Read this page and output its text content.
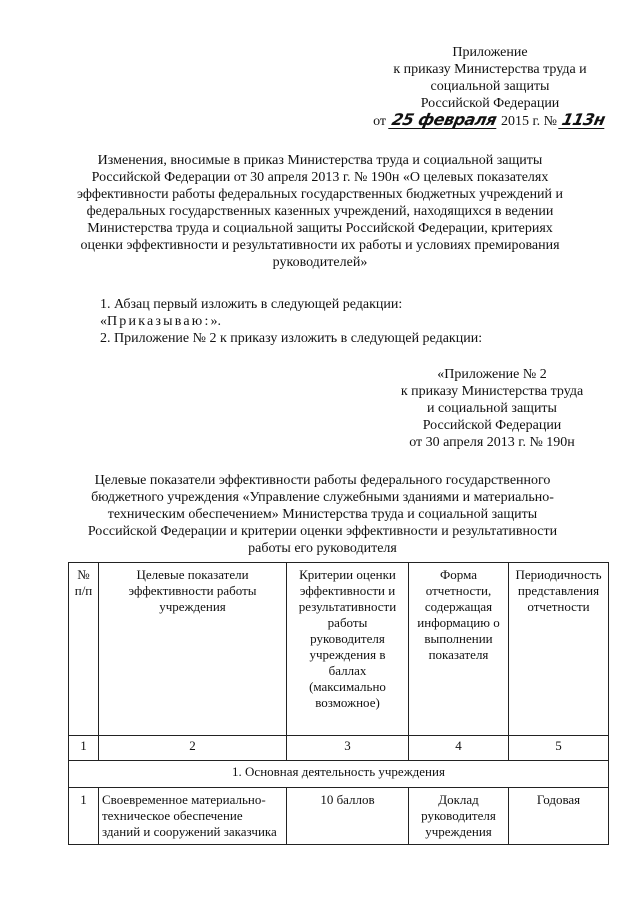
Приложение
к приказу Министерства труда и
социальной защиты
Российской Федерации
от 25 февраля 2015 г. № 113н
Изменения, вносимые в приказ Министерства труда и социальной защиты
Российской Федерации от 30 апреля 2013 г. № 190н «О целевых показателях
эффективности работы федеральных государственных бюджетных учреждений и
федеральных государственных казенных учреждений, находящихся в ведении
Министерства труда и социальной защиты Российской Федерации, критериях
оценки эффективности и результативности их работы и условиях премирования
руководителей»
1. Абзац первый изложить в следующей редакции:
«Приказываю:».
2. Приложение № 2 к приказу изложить в следующей редакции:
«Приложение № 2
к приказу Министерства труда
и социальной защиты
Российской Федерации
от 30 апреля 2013 г. № 190н
Целевые показатели эффективности работы федерального государственного
бюджетного учреждения «Управление служебными зданиями и материально-
техническим обеспечением» Министерства труда и социальной защиты
Российской Федерации и критерии оценки эффективности и результативности
работы его руководителя
№ п/п	Целевые показатели эффективности работы учреждения	Критерии оценки эффективности и результативности работы руководителя учреждения в баллах (максимально возможное)	Форма отчетности, содержащая информацию о выполнении показателя	Периодичность представления отчетности
1	2	3	4	5
1. Основная деятельность учреждения				
1	Своевременное материально-техническое обеспечение зданий и сооружений заказчика	10 баллов	Доклад руководителя учреждения	Годовая
